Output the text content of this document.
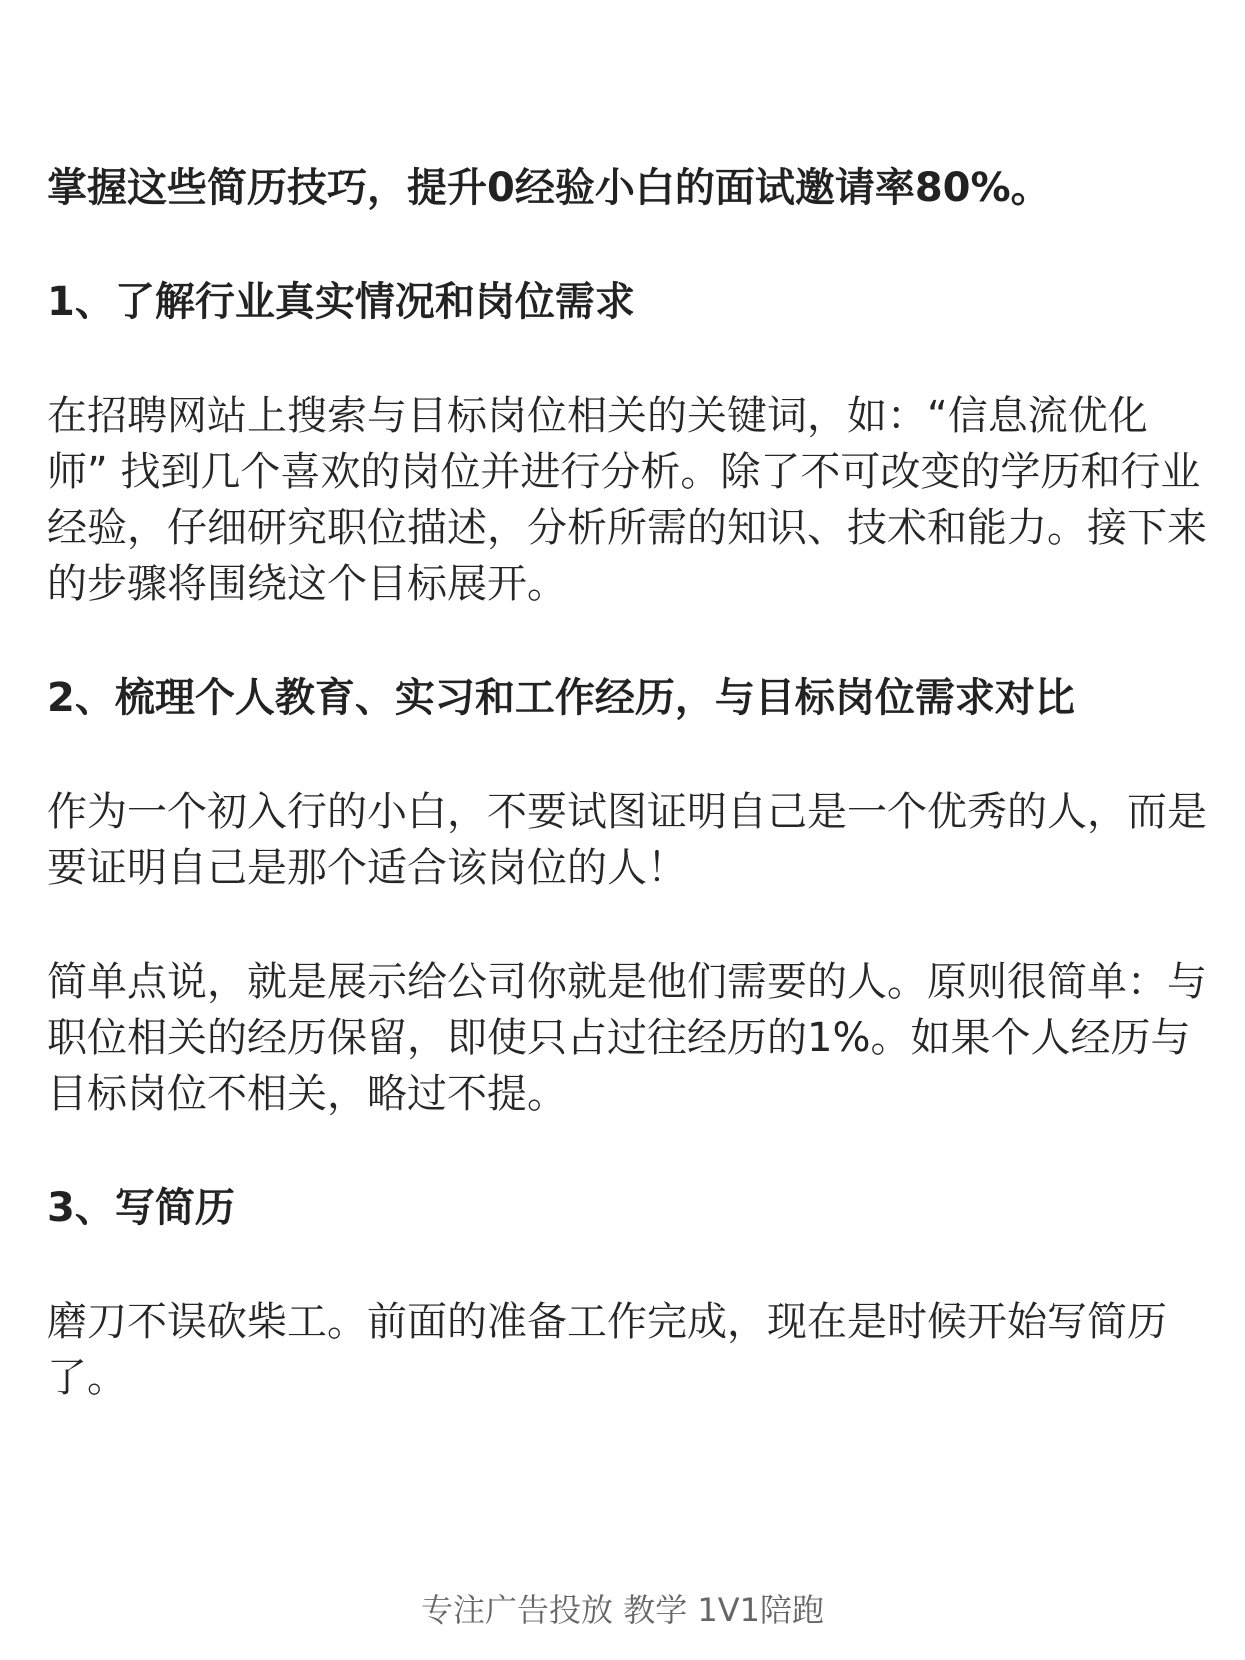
掌握这些简历技巧，提升0经验小白的面试邀请率80%。

1、了解行业真实情况和岗位需求

在招聘网站上搜索与目标岗位相关的关键词，如：“信息流优化师” 找到几个喜欢的岗位并进行分析。除了不可改变的学历和行业经验，仔细研究职位描述，分析所需的知识、技术和能力。接下来的步骤将围绕这个目标展开。

2、梳理个人教育、实习和工作经历，与目标岗位需求对比

作为一个初入行的小白，不要试图证明自己是一个优秀的人，而是要证明自己是那个适合该岗位的人！

简单点说，就是展示给公司你就是他们需要的人。原则很简单：与职位相关的经历保留，即使只占过往经历的1%。如果个人经历与目标岗位不相关，略过不提。

3、写简历

磨刀不误砍柴工。前面的准备工作完成，现在是时候开始写简历了。

专注广告投放 教学 1V1陪跑
